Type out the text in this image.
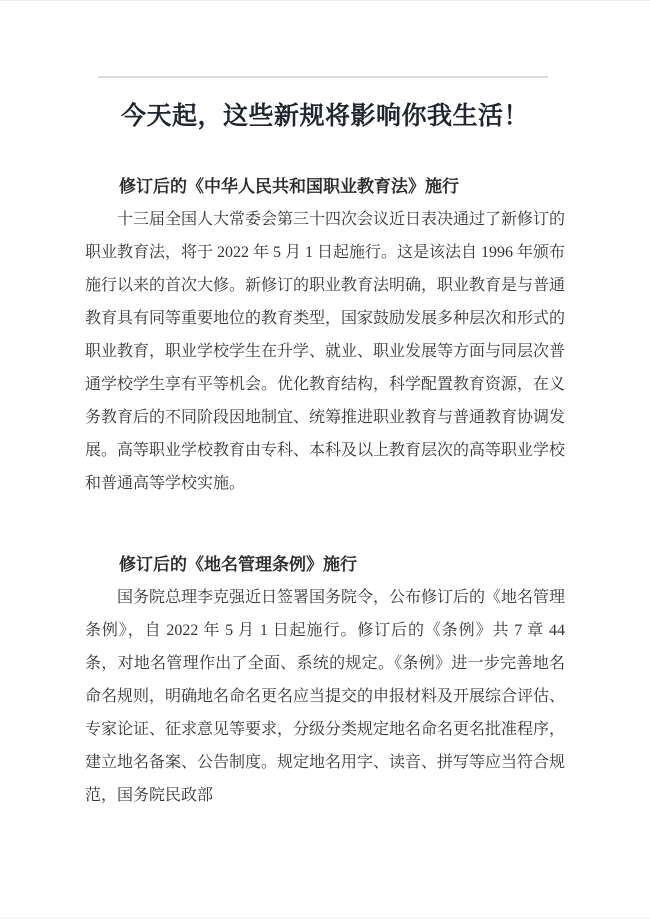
今天起，这些新规将影响你我生活！
修订后的《中华人民共和国职业教育法》施行

十三届全国人大常委会第三十四次会议近日表决通过了新修订的职业教育法，将于 2022 年 5 月 1 日起施行。这是该法自 1996 年颁布施行以来的首次大修。新修订的职业教育法明确，职业教育是与普通教育具有同等重要地位的教育类型，国家鼓励发展多种层次和形式的职业教育，职业学校学生在升学、就业、职业发展等方面与同层次普通学校学生享有平等机会。优化教育结构，科学配置教育资源，在义务教育后的不同阶段因地制宜、统筹推进职业教育与普通教育协调发展。高等职业学校教育由专科、本科及以上教育层次的高等职业学校和普通高等学校实施。

修订后的《地名管理条例》施行

国务院总理李克强近日签署国务院令，公布修订后的《地名管理条例》，自 2022 年 5 月 1 日起施行。修订后的《条例》共 7 章 44 条，对地名管理作出了全面、系统的规定。《条例》进一步完善地名命名规则，明确地名命名更名应当提交的申报材料及开展综合评估、专家论证、征求意见等要求，分级分类规定地名命名更名批准程序，建立地名备案、公告制度。规定地名用字、读音、拼写等应当符合规范，国务院民政部
